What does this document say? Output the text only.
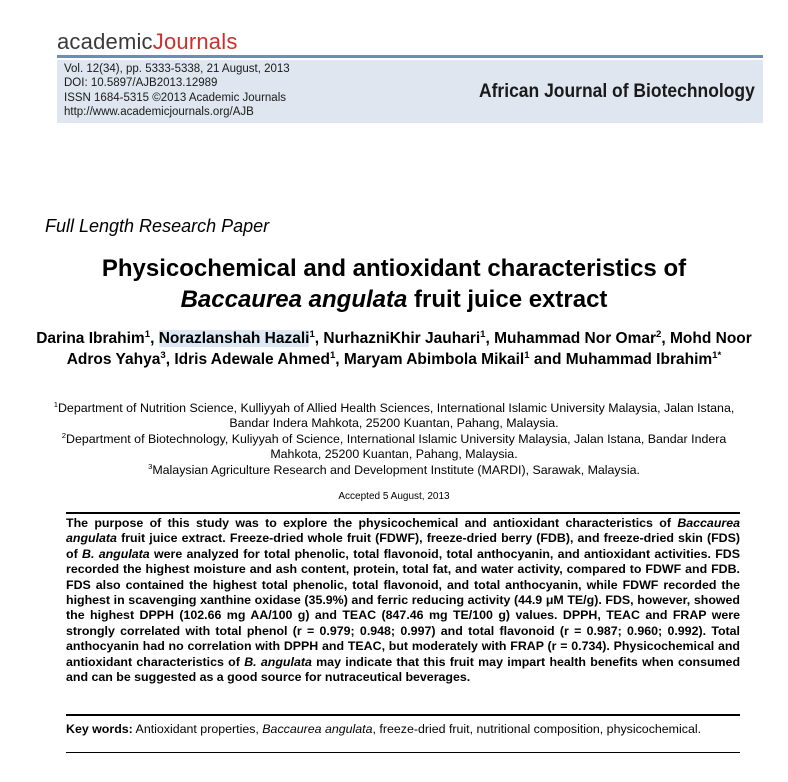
academicJournals
Vol. 12(34), pp. 5333-5338, 21 August, 2013
DOI: 10.5897/AJB2013.12989
ISSN 1684-5315 ©2013 Academic Journals
http://www.academicjournals.org/AJB
African Journal of Biotechnology
Full Length Research Paper
Physicochemical and antioxidant characteristics of
Baccaurea angulata fruit juice extract
Darina Ibrahim$^1$, Norazlanshah Hazali$^1$, NurhazniKhir Jauhari$^1$, Muhammad Nor Omar$^2$, Mohd Noor Adros Yahya$^3$, Idris Adewale Ahmed$^1$, Maryam Abimbola Mikail$^1$ and Muhammad Ibrahim$^{1*}$
$^1$Department of Nutrition Science, Kulliyyah of Allied Health Sciences, International Islamic University Malaysia, Jalan Istana, Bandar Indera Mahkota, 25200 Kuantan, Pahang, Malaysia.
$^2$Department of Biotechnology, Kuliyyah of Science, International Islamic University Malaysia, Jalan Istana, Bandar Indera Mahkota, 25200 Kuantan, Pahang, Malaysia.
$^3$Malaysian Agriculture Research and Development Institute (MARDI), Sarawak, Malaysia.
Accepted 5 August, 2013
The purpose of this study was to explore the physicochemical and antioxidant characteristics of Baccaurea angulata fruit juice extract. Freeze-dried whole fruit (FDWF), freeze-dried berry (FDB), and freeze-dried skin (FDS) of B. angulata were analyzed for total phenolic, total flavonoid, total anthocyanin, and antioxidant activities. FDS recorded the highest moisture and ash content, protein, total fat, and water activity, compared to FDWF and FDB. FDS also contained the highest total phenolic, total flavonoid, and total anthocyanin, while FDWF recorded the highest in scavenging xanthine oxidase (35.9%) and ferric reducing activity (44.9 μM TE/g). FDS, however, showed the highest DPPH (102.66 mg AA/100 g) and TEAC (847.46 mg TE/100 g) values. DPPH, TEAC and FRAP were strongly correlated with total phenol (r = 0.979; 0.948; 0.997) and total flavonoid (r = 0.987; 0.960; 0.992). Total anthocyanin had no correlation with DPPH and TEAC, but moderately with FRAP (r = 0.734). Physicochemical and antioxidant characteristics of B. angulata may indicate that this fruit may impart health benefits when consumed and can be suggested as a good source for nutraceutical beverages.
Key words: Antioxidant properties, Baccaurea angulata, freeze-dried fruit, nutritional composition, physicochemical.
